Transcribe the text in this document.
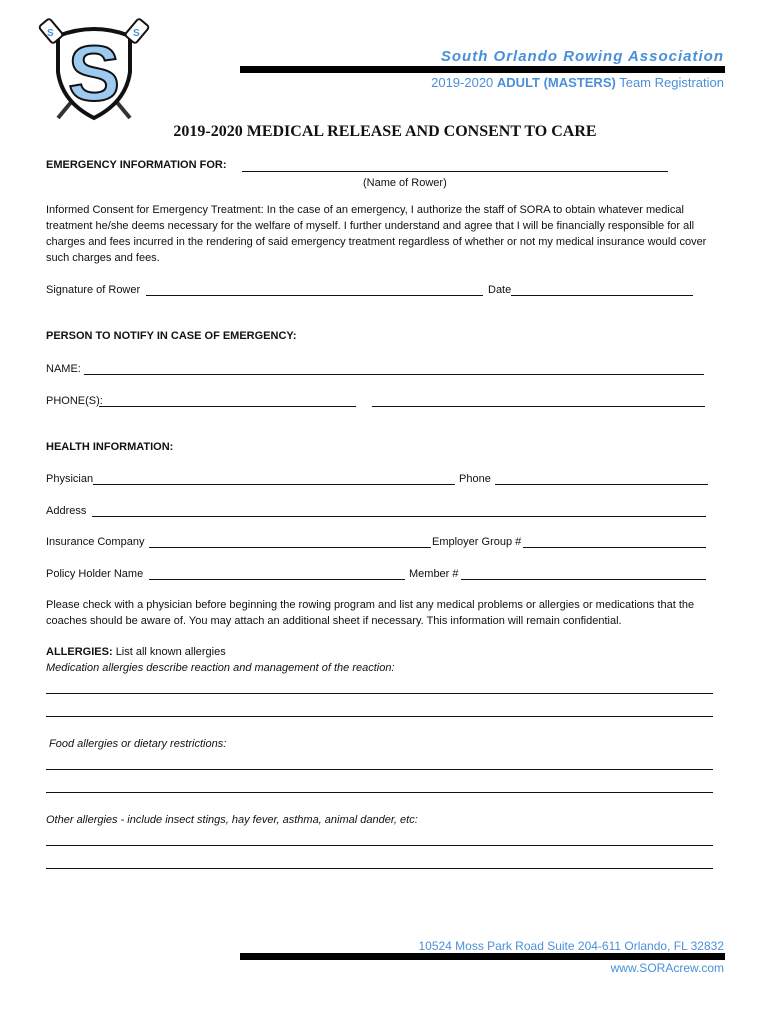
S	S
S	South Orlando Rowing Association
2019-2020 ADULT (MASTERS) Team Registration
2019-2020 MEDICAL RELEASE AND CONSENT TO CARE
EMERGENCY INFORMATION FOR:
(Name of Rower)
Informed Consent for Emergency Treatment: In the case of an emergency, I authorize the staff of SORA to obtain whatever medical treatment he/she deems necessary for the welfare of myself. I further understand and agree that I will be financially responsible for all charges and fees incurred in the rendering of said emergency treatment regardless of whether or not my medical insurance would cover such charges and fees.
Signature of Rower	Date
PERSON TO NOTIFY IN CASE OF EMERGENCY:
NAME:
PHONE(S):
HEALTH INFORMATION:
Physician	Phone
Address
Insurance Company	Employer Group #
Policy Holder Name	Member #
Please check with a physician before beginning the rowing program and list any medical problems or allergies or medications that the coaches should be aware of. You may attach an additional sheet if necessary. This information will remain confidential.
ALLERGIES: List all known allergies
Medication allergies describe reaction and management of the reaction:
Food allergies or dietary restrictions:
Other allergies - include insect stings, hay fever, asthma, animal dander, etc:
10524 Moss Park Road Suite 204-611 Orlando, FL 32832
www.SORAcrew.com
